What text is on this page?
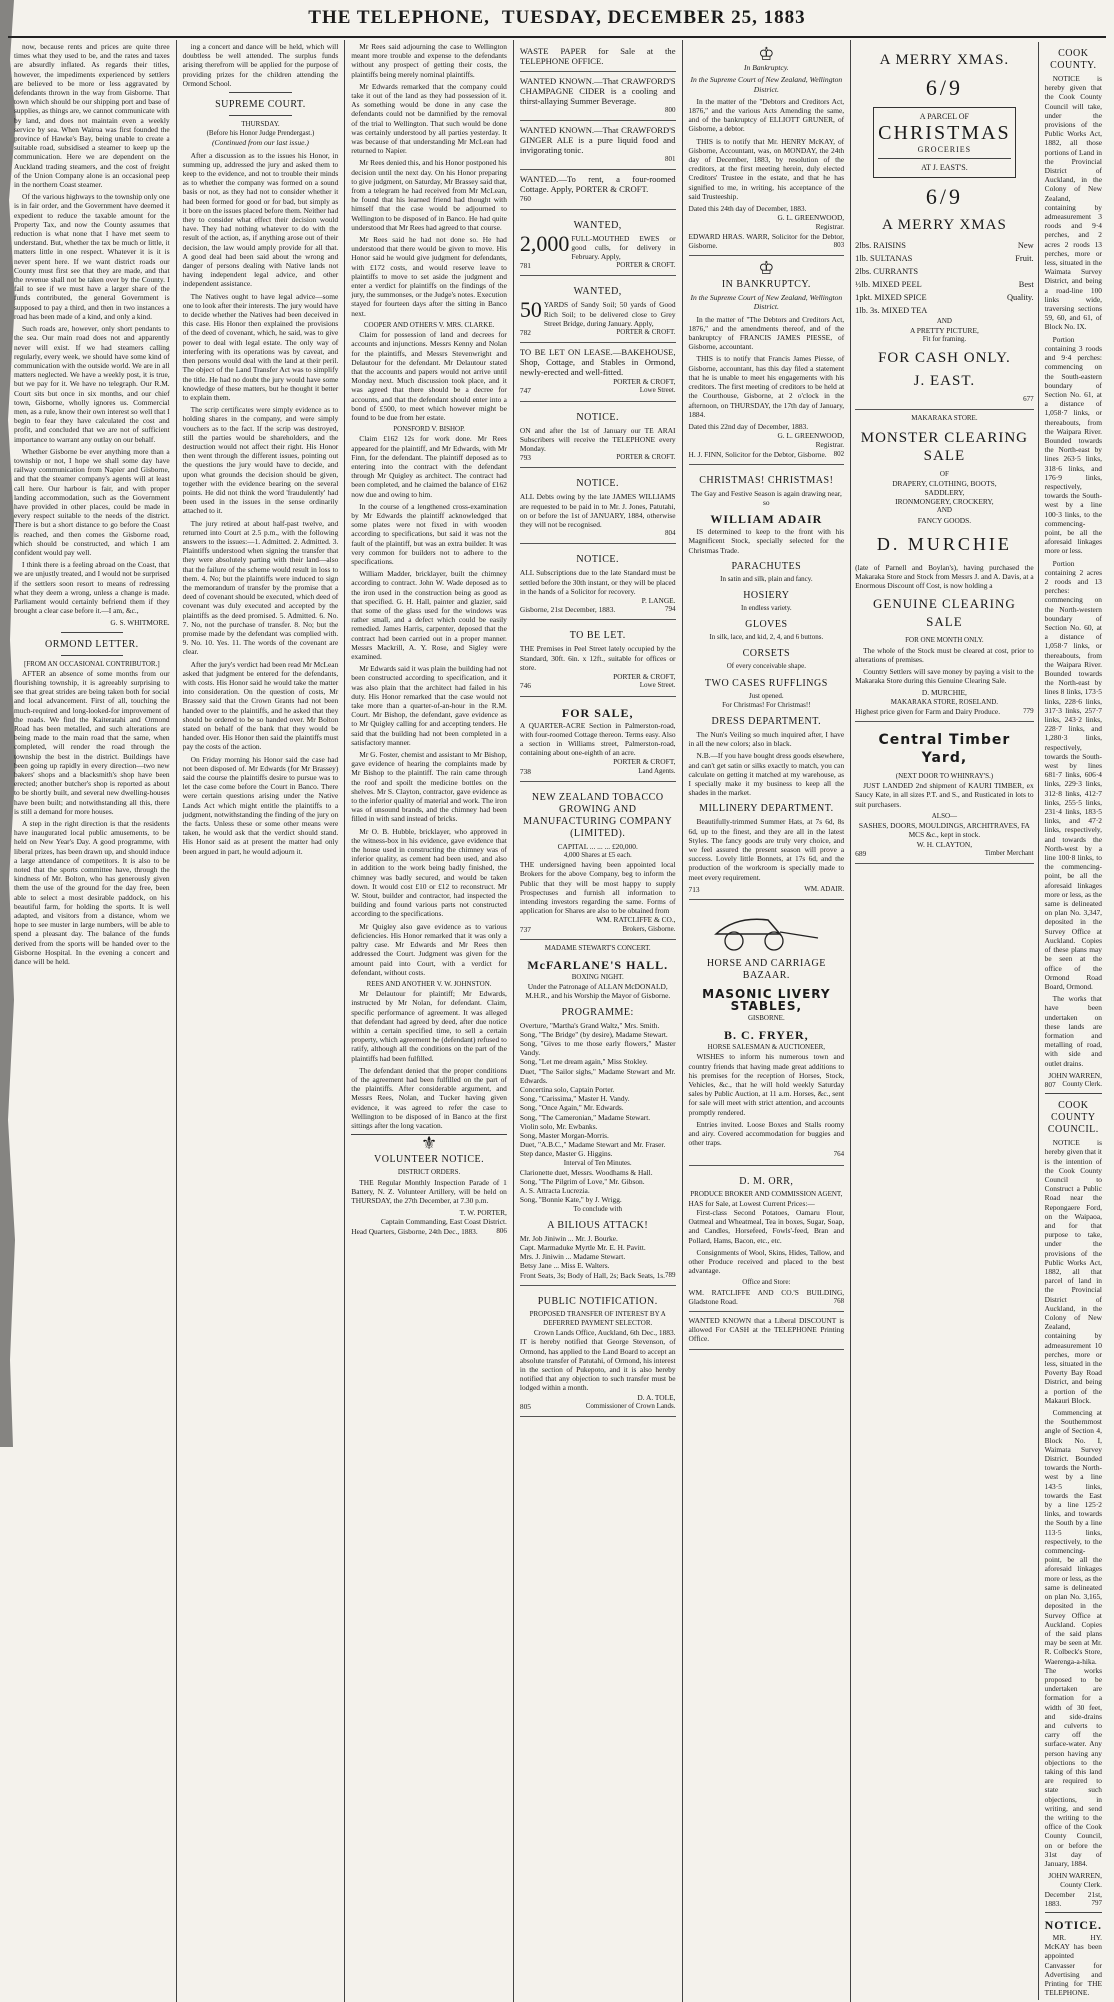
THE TELEPHONE, TUESDAY, DECEMBER 25, 1883

now, because rents and prices are quite three times what they used to be, and the rates and taxes are absurdly inflated. As regards their titles, however, the impediments experienced by settlers are believed to be more or less aggravated by defendants thrown in the way from Gisborne. That town which should be our shipping port and base of supplies, as things are, we cannot communicate with by land, and does not maintain even a weekly service by sea. When Wairoa was first founded the province of Hawke's Bay, being unable to create a suitable road, subsidised a steamer to keep up the communication. Here we are dependent on the Auckland trading steamers, and the cost of freight of the Union Company alone is an occasional peep in the northern Coast steamer.

Of the various highways to the township only one is in fair order, and the Government have deemed it expedient to reduce the taxable amount for the Property Tax, and now the County assumes that reduction is what none that I have met seem to understand. But, whether the tax be much or little, it matters little in one respect. Whatever it is it is never spent here. If we want district roads our County must first see that they are made, and that the revenue shall not be taken over by the County. I fail to see if we must have a larger share of the funds contributed, the general Government is supposed to pay a third, and then in two instances a road has been made of a kind, and only a kind.

Such roads are, however, only short pendants to the sea. Our main road does not and apparently never will exist. If we had steamers calling regularly, every week, we should have some kind of communication with the outside world. We are in all matters neglected. We have a weekly post, it is true, but we pay for it. We have no telegraph. Our R.M. Court sits but once in six months, and our chief town, Gisborne, wholly ignores us. Commercial men, as a rule, know their own interest so well that I begin to fear they have calculated the cost and profit, and concluded that we are not of sufficient importance to warrant any outlay on our behalf.

Whether Gisborne be ever anything more than a township or not, I hope we shall some day have railway communication from Napier and Gisborne, and that the steamer company's agents will at least call here. Our harbour is fair, and with proper landing accommodation, such as the Government have provided in other places, could be made in every respect suitable to the needs of the district. There is but a short distance to go before the Coast is reached, and then comes the Gisborne road, which should be constructed, and which I am confident would pay well.

I think there is a feeling abroad on the Coast, that we are unjustly treated, and I would not be surprised if the settlers soon resort to means of redressing what they deem a wrong, unless a change is made. Parliament would certainly befriend them if they brought a clear case before it.—I am, &c.,

G. S. WHITMORE.
ORMOND LETTER.
[FROM AN OCCASIONAL CONTRIBUTOR.]

AFTER an absence of some months from our flourishing township, it is agreeably surprising to see that great strides are being taken both for social and local advancement. First of all, touching the much-required and long-looked-for improvement of the roads. We find the Kaiteratahi and Ormond Road has been metalled, and such alterations are being made to the main road that the same, when completed, will render the road through the township the best in the district. Buildings have been going up rapidly in every direction—two new bakers' shops and a blacksmith's shop have been erected; another butcher's shop is reported as about to be shortly built, and several new dwelling-houses have been built; and notwithstanding all this, there is still a demand for more houses.

A step in the right direction is that the residents have inaugurated local public amusements, to be held on New Year's Day. A good programme, with liberal prizes, has been drawn up, and should induce a large attendance of competitors. It is also to be noted that the sports committee have, through the kindness of Mr. Bolton, who has generously given them the use of the ground for the day free, been able to select a most desirable paddock, on his beautiful farm, for holding the sports. It is well adapted, and visitors from a distance, whom we hope to see muster in large numbers, will be able to spend a pleasant day. The balance of the funds derived from the sports will be handed over to the Gisborne Hospital. In the evening a concert and dance will be held.

ing a concert and dance will be held, which will doubtless be well attended. The surplus funds arising therefrom will be applied for the purpose of providing prizes for the children attending the Ormond School.

SUPREME COURT.
THURSDAY.
(Before his Honor Judge Prendergast.)
(Continued from our last issue.)

After a discussion as to the issues his Honor, in summing up, addressed the jury and asked them to keep to the evidence, and not to trouble their minds as to whether the company was formed on a sound basis or not, as they had not to consider whether it had been formed for good or for bad, but simply as it bore on the issues placed before them. Neither had they to consider what effect their decision would have. They had nothing whatever to do with the result of the action, as, if anything arose out of their decision, the law would amply provide for all that. A good deal had been said about the wrong and danger of persons dealing with Native lands not having independent legal advice, and other independent assistance.

The Natives ought to have legal advice—some one to look after their interests. The jury would have to decide whether the Natives had been deceived in this case. His Honor then explained the provisions of the deed of covenant, which, he said, was to give power to deal with legal estate. The only way of interfering with its operations was by caveat, and then persons would deal with the land at their peril. The object of the Land Transfer Act was to simplify the title. He had no doubt the jury would have some knowledge of these matters, but he thought it better to explain them.

The scrip certificates were simply evidence as to holding shares in the company, and were simply vouchers as to the fact. If the scrip was destroyed, still the parties would be shareholders, and the destruction would not affect their right. His Honor then went through the different issues, pointing out the questions the jury would have to decide, and upon what grounds the decision should be given, together with the evidence bearing on the several points. He did not think the word 'fraudulently' had been used in the issues in the sense ordinarily attached to it.

The jury retired at about half-past twelve, and returned into Court at 2.5 p.m., with the following answers to the issues:—1. Admitted. 2. Admitted. 3. Plaintiffs understood when signing the transfer that they were absolutely parting with their land—also that the failure of the scheme would result in loss to them. 4. No; but the plaintiffs were induced to sign the memorandum of transfer by the promise that a deed of covenant should be executed, which deed of covenant was duly executed and accepted by the plaintiffs as the deed promised. 5. Admitted. 6. No. 7. No, not the purchase of transfer. 8. No; but the promise made by the defendant was complied with. 9. No. 10. Yes. 11. The words of the covenant are clear.

After the jury's verdict had been read Mr McLean asked that judgment be entered for the defendants, with costs. His Honor said he would take the matter into consideration. On the question of costs, Mr Brassey said that the Crown Grants had not been handed over to the plaintiffs, and he asked that they should be ordered to be so handed over. Mr Bolton stated on behalf of the bank that they would be handed over. His Honor then said the plaintiffs must pay the costs of the action.

On Friday morning his Honor said the case had not been disposed of. Mr Edwards (for Mr Brassey) said the course the plaintiffs desire to pursue was to let the case come before the Court in Banco. There were certain questions arising under the Native Lands Act which might entitle the plaintiffs to a judgment, notwithstanding the finding of the jury on the facts. Unless these or some other means were taken, he would ask that the verdict should stand. His Honor said as at present the matter had only been argued in part, he would adjourn it.

Mr Rees said adjourning the case to Wellington meant more trouble and expense to the defendants without any prospect of getting their costs, the plaintiffs being merely nominal plaintiffs.

Mr Edwards remarked that the company could take it out of the land as they had possession of it. As something would be done in any case the defendants could not be damnified by the removal of the trial to Wellington. That such would be done was certainly understood by all parties yesterday. It was because of that understanding Mr McLean had returned to Napier.

Mr Rees denied this, and his Honor postponed his decision until the next day. On his Honor preparing to give judgment, on Saturday, Mr Brassey said that, from a telegram he had received from Mr McLean, he found that his learned friend had thought with himself that the case would be adjourned to Wellington to be disposed of in Banco. He had quite understood that Mr Rees had agreed to that course.

Mr Rees said he had not done so. He had understood that there would be given to move. His Honor said he would give judgment for defendants, with £172 costs, and would reserve leave to plaintiffs to move to set aside the judgment and enter a verdict for plaintiffs on the findings of the jury, the summonses, or the Judge's notes. Execution stayed for fourteen days after the sitting in Banco next.

COOPER AND OTHERS V. MRS. CLARKE.

Claim for possession of land and decrees for accounts and injunctions. Messrs Kenny and Nolan for the plaintiffs, and Messrs Stevenwright and Delautour for the defendant. Mr Delautour stated that the accounts and papers would not arrive until Monday next. Much discussion took place, and it was agreed that there should be a decree for accounts, and that the defendant should enter into a bond of £500, to meet which however might be found to be due from her estate.

PONSFORD V. BISHOP.

Claim £162 12s for work done. Mr Rees appeared for the plaintiff, and Mr Edwards, with Mr Finn, for the defendant. The plaintiff deposed as to entering into the contract with the defendant through Mr Quigley as architect. The contract had been completed, and he claimed the balance of £162 now due and owing to him.

In the course of a lengthened cross-examination by Mr Edwards the plaintiff acknowledged that some plates were not fixed in with wooden according to specifications, but said it was not the fault of the plaintiff, but was an extra builder. It was very common for builders not to adhere to the specifications.

William Madder, bricklayer, built the chimney according to contract. John W. Wade deposed as to the iron used in the construction being as good as that specified. G. H. Hall, painter and glazier, said that some of the glass used for the windows was rather small, and a defect which could be easily remedied. James Harris, carpenter, deposed that the contract had been carried out in a proper manner. Messrs Mackrill, A. Y. Rose, and Sigley were examined.

Mr Edwards said it was plain the building had not been constructed according to specification, and it was also plain that the architect had failed in his duty. His Honor remarked that the case would not take more than a quarter-of-an-hour in the R.M. Court. Mr Bishop, the defendant, gave evidence as to Mr Quigley calling for and accepting tenders. He said that the building had not been completed in a satisfactory manner.

Mr G. Foster, chemist and assistant to Mr Bishop, gave evidence of hearing the complaints made by Mr Bishop to the plaintiff. The rain came through the roof and spoilt the medicine bottles on the shelves. Mr S. Clayton, contractor, gave evidence as to the inferior quality of material and work. The iron was of unsound brands, and the chimney had been filled in with sand instead of bricks.

Mr O. B. Hubble, bricklayer, who approved in the witness-box in his evidence, gave evidence that the house used in constructing the chimney was of inferior quality, as cement had been used, and also in addition to the work being badly finished, the chimney was badly secured, and would be taken down. It would cost £10 or £12 to reconstruct. Mr W. Stout, builder and contractor, had inspected the building and found various parts not constructed according to the specifications.

Mr Quigley also gave evidence as to various deficiencies. His Honor remarked that it was only a paltry case. Mr Edwards and Mr Rees then addressed the Court. Judgment was given for the amount paid into Court, with a verdict for defendant, without costs.

REES AND ANOTHER V. W. JOHNSTON.

Mr Delautour for plaintiff; Mr Edwards, instructed by Mr Nolan, for defendant. Claim, specific performance of agreement. It was alleged that defendant had agreed by deed, after due notice within a certain specified time, to sell a certain property, which agreement he (defendant) refused to ratify, although all the conditions on the part of the plaintiffs had been fulfilled.

The defendant denied that the proper conditions of the agreement had been fulfilled on the part of the plaintiffs. After considerable argument, and Messrs Rees, Nolan, and Tucker having given evidence, it was agreed to refer the case to Wellington to be disposed of in Banco at the first sittings after the long vacation.

⚜
VOLUNTEER NOTICE.
DISTRICT ORDERS.

THE Regular Monthly Inspection Parade of 1 Battery, N. Z. Volunteer Artillery, will be held on THURSDAY, the 27th December, at 7.30 p.m.

T. W. PORTER,
Captain Commanding, East Coast District.
Head Quarters, Gisborne, 24th Dec., 1883.	806
WASTE PAPER for Sale at the TELEPHONE OFFICE.
WANTED KNOWN.—That CRAWFORD'S CHAMPAGNE CIDER is a cooling and thirst-allaying Summer Beverage.
800

WANTED KNOWN.—That CRAWFORD'S GINGER ALE is a pure liquid food and invigorating tonic.
801

WANTED.—To rent, a four-roomed Cottage. Apply, PORTER & CROFT.
760
WANTED,
2,000 FULL-MOUTHED EWES or good culls, for delivery in February. Apply,
781	PORTER & CROFT.
WANTED,
50 YARDS of Sandy Soil; 50 yards of Good Rich Soil; to be delivered close to Grey Street Bridge, during January. Apply,
782	PORTER & CROFT.
TO BE LET ON LEASE.—BAKEHOUSE, Shop, Cottage, and Stables in Ormond, newly-erected and well-fitted.
PORTER & CROFT,
747	Lowe Street.
NOTICE.
ON and after the 1st of January our TE ARAI Subscribers will receive the TELEPHONE every Monday.
793	PORTER & CROFT.
NOTICE.
ALL Debts owing by the late JAMES WILLIAMS are requested to be paid in to Mr. J. Jones, Patutahi, on or before the 1st of JANUARY, 1884, otherwise they will not be recognised.
804

NOTICE.
ALL Subscriptions due to the late Standard must be settled before the 30th instant, or they will be placed in the hands of a Solicitor for recovery.
P. LANGE.
Gisborne, 21st December, 1883.	794
TO BE LET.
THE Premises in Peel Street lately occupied by the Standard, 30ft. 6in. x 12ft., suitable for offices or store.
PORTER & CROFT,
746	Lowe Street.
FOR SALE,
A QUARTER-ACRE Section in Palmerston-road, with four-roomed Cottage thereon. Terms easy. Also a section in Williams street, Palmerston-road, containing about one-eighth of an acre.
PORTER & CROFT,
738	Land Agents.
NEW ZEALAND TOBACCO GROWING AND MANUFACTURING COMPANY (LIMITED).
CAPITAL ... ... ... £20,000.
4,000 Shares at £5 each.
THE undersigned having been appointed local Brokers for the above Company, beg to inform the Public that they will be most happy to supply Prospectuses and furnish all information to intending investors regarding the same. Forms of application for Shares are also to be obtained from
WM. RATCLIFFE & CO.,
737	Brokers, Gisborne.
MADAME STEWART'S CONCERT.
McFARLANE'S HALL.
BOXING NIGHT.
Under the Patronage of ALLAN McDONALD, M.H.R., and his Worship the Mayor of Gisborne.
PROGRAMME:
Overture, "Martha's Grand Waltz," Mrs. Smith.
Song, "The Bridge" (by desire), Madame Stewart.
Song, "Gives to me those early flowers," Master Vandy.
Song, "Let me dream again," Miss Stokley.
Duet, "The Sailor sighs," Madame Stewart and Mr. Edwards.
Concertina solo, Captain Porter.
Song, "Carissima," Master H. Vandy.
Song, "Once Again," Mr. Edwards.
Song, "The Cameronian," Madame Stewart.
Violin solo, Mr. Ewbanks.
Song, Master Morgan-Morris.
Duet, "A.B.C.," Madame Stewart and Mr. Fraser.
Step dance, Master G. Higgins.
Interval of Ten Minutes.
Clarionette duet, Messrs. Woodhams & Hall.
Song, "The Pilgrim of Love," Mr. Gibson.
A. S. Attracta Lucrezia.
Song, "Bonnie Kate," by J. Wrigg.
To conclude with
A BILIOUS ATTACK!
Mr. Job Jiniwin ... Mr. J. Bourke.
Capt. Marmaduke Myrtle Mr. E. H. Pavitt.
Mrs. J. Jiniwin ... Madame Stewart.
Betsy Jane ... Miss E. Walters.
Front Seats, 3s; Body of Hall, 2s; Back Seats, 1s. 789
PUBLIC NOTIFICATION.
PROPOSED TRANSFER OF INTEREST BY A DEFERRED PAYMENT SELECTOR.
Crown Lands Office, Auckland, 6th Dec., 1883.
IT is hereby notified that George Stevenson, of Ormond, has applied to the Land Board to accept an absolute transfer of Patutahi, of Ormond, his interest in the section of Pukepoto, and it is also hereby notified that any objection to such transfer must be lodged within a month.
D. A. TOLE,
805	Commissioner of Crown Lands.
♔
In Bankruptcy.
In the Supreme Court of New Zealand, Wellington District.

In the matter of the "Debtors and Creditors Act, 1876," and the various Acts Amending the same, and of the bankruptcy of ELLIOTT GRUNER, of Gisborne, a debtor.

THIS is to notify that Mr. HENRY McKAY, of Gisborne, Accountant, was, on MONDAY, the 24th day of December, 1883, by resolution of the creditors, at the first meeting herein, duly elected Creditors' Trustee in the estate, and that he has signified to me, in writing, his acceptance of the said Trusteeship.

Dated this 24th day of December, 1883.
G. L. GREENWOOD,
Registrar.
EDWARD HRAS. WARR, Solicitor for the Debtor, Gisborne.	803
♔
IN BANKRUPTCY.
In the Supreme Court of New Zealand, Wellington District.

In the matter of "The Debtors and Creditors Act, 1876," and the amendments thereof, and of the bankruptcy of FRANCIS JAMES PIESSE, of Gisborne, accountant.

THIS is to notify that Francis James Piesse, of Gisborne, accountant, has this day filed a statement that he is unable to meet his engagements with his creditors. The first meeting of creditors to be held at the Courthouse, Gisborne, at 2 o'clock in the afternoon, on THURSDAY, the 17th day of January, 1884.

Dated this 22nd day of December, 1883.
G. L. GREENWOOD,
Registrar.
H. J. FINN, Solicitor for the Debtor, Gisborne. 802
CHRISTMAS! CHRISTMAS!
The Gay and Festive Season is again drawing near, so
WILLIAM ADAIR

IS determined to keep to the front with his Magnificent Stock, specially selected for the Christmas Trade.

PARACHUTES
In satin and silk, plain and fancy.
HOSIERY
In endless variety.
GLOVES
In silk, lace, and kid, 2, 4, and 6 buttons.
CORSETS
Of every conceivable shape.
TWO CASES RUFFLINGS
Just opened.
For Christmas! For Christmas!!
DRESS DEPARTMENT.

The Nun's Veiling so much inquired after, I have in all the new colors; also in black.

N.B.—If you have bought dress goods elsewhere, and can't get satin or silks exactly to match, you can calculate on getting it matched at my warehouse, as I specially make it my business to keep all the shades in the market.

MILLINERY DEPARTMENT.

Beautifully-trimmed Summer Hats, at 7s 6d, 8s 6d, up to the finest, and they are all in the latest Styles. The fancy goods are truly very choice, and we feel assured the present season will prove a success. Lovely little Bonnets, at 17s 6d, and the production of the workroom is specially made to meet every requirement.

713	WM. ADAIR.
HORSE AND CARRIAGE BAZAAR.
MASONIC LIVERY STABLES,
GISBORNE.
B. C. FRYER,
HORSE SALESMAN & AUCTIONEER,

WISHES to inform his numerous town and country friends that having made great additions to his premises for the reception of Horses, Stock, Vehicles, &c., that he will hold weekly Saturday sales by Public Auction, at 11 a.m. Horses, &c., sent for sale will meet with strict attention, and accounts promptly rendered.

Entries invited. Loose Boxes and Stalls roomy and airy. Covered accommodation for buggies and other traps.

764

D. M. ORR,
PRODUCE BROKER AND COMMISSION AGENT,
HAS for Sale, at Lowest Current Prices:—

First-class Second Potatoes, Oamaru Flour, Oatmeal and Wheatmeal, Tea in boxes, Sugar, Soap, and Candles, Horsefeed, Fowls'-feed, Bran and Pollard, Hams, Bacon, etc., etc.

Consignments of Wool, Skins, Hides, Tallow, and other Produce received and placed to the best advantage.

Office and Store:
WM. RATCLIFFE AND CO.'S BUILDING, Gladstone Road.	768
WANTED KNOWN that a Liberal DISCOUNT is allowed For CASH at the TELEPHONE Printing Office.
A MERRY XMAS.
6/9
A PARCEL OF
CHRISTMAS
GROCERIES
AT J. EAST'S.
6/9
A MERRY XMAS
2lbs. RAISINS	New
1lb. SULTANAS	Fruit.
2lbs. CURRANTS
½lb. MIXED PEEL	Best
1pkt. MIXED SPICE	Quality.
1lb. 3s. MIXED TEA
AND
A PRETTY PICTURE,
Fit for framing.
FOR CASH ONLY.
J. EAST.
677

MAKARAKA STORE.
MONSTER CLEARING SALE
OF
DRAPERY, CLOTHING, BOOTS,
SADDLERY,
IRONMONGERY, CROCKERY,
AND
FANCY GOODS.
D. MURCHIE
(late of Parnell and Boylan's), having purchased the Makaraka Store and Stock from Messrs J. and A. Davis, at a Enormous Discount off Cost, is now holding a
GENUINE CLEARING SALE
FOR ONE MONTH ONLY.

The whole of the Stock must be cleared at cost, prior to alterations of premises.

Country Settlers will save money by paying a visit to the Makaraka Store during this Genuine Clearing Sale.

D. MURCHIE,
MAKARAKA STORE, ROSELAND.
Highest price given for Farm and Dairy Produce.	779
Central Timber Yard,
(NEXT DOOR TO WHINRAY'S.)

JUST LANDED 2nd shipment of KAURI TIMBER, ex Saucy Kate, in all sizes P.T. and S., and Rusticated in lots to suit purchasers.

ALSO—
SASHES, DOORS, MOULDINGS, ARCHITRAVES, FA MCS &c., kept in stock.
W. H. CLAYTON,
689	Timber Merchant
COOK COUNTY.

NOTICE is hereby given that the Cook County Council will take, under the provisions of the Public Works Act, 1882, all those portions of Land in the Provincial District of Auckland, in the Colony of New Zealand, containing by admeasurement 3 roods and 9·4 perches, and 2 acres 2 roods 13 perches, more or less, situated in the Waimata Survey District, and being a road-line 100 links wide, traversing sections 59, 60, and 61, of Block No. IX.

Portion containing 3 roods and 9·4 perches: commencing on the South-eastern boundary of Section No. 61, at a distance of 1,058·7 links, or thereabouts, from the Waipara River. Bounded towards the North-east by lines 263·5 links, 318·6 links, and 176·9 links, respectively, towards the South-west by a line 100·3 links, to the commencing-point, be all the aforesaid linkages more or less.

Portion containing 2 acres 2 roods and 13 perches: commencing on the North-western boundary of Section No. 60, at a distance of 1,058·7 links, or thereabouts, from the Waipara River. Bounded towards the North-east by lines 8 links, 173·5 links, 228·6 links, 317·3 links, 257·7 links, 243·2 links, 228·7 links, and 1,280·3 links, respectively, towards the South-west by lines 681·7 links, 606·4 links, 229·3 links, 312·8 links, 412·7 links, 255·5 links, 231·4 links, 183·5 links, and 47·2 links, respectively, and towards the North-west by a line 100·8 links, to the commencing-point, be all the aforesaid linkages more or less, as the same is delineated on plan No. 3,347, deposited in the Survey Office at Auckland. Copies of these plans may be seen at the office of the Ormond Road Board, Ormond.

The works that have been undertaken on these lands are formation and metalling of road, with side and outlet drains.

JOHN WARREN,
807 County Clerk.
COOK COUNTY COUNCIL.

NOTICE is hereby given that it is the intention of the Cook County Council to Construct a Public Road near the Repongaere Ford, on the Waipaoa, and for that purpose to take, under the provisions of the Public Works Act, 1882, all that parcel of land in the Provincial District of Auckland, in the Colony of New Zealand, containing by admeasurement 10 perches, more or less, situated in the Poverty Bay Road District, and being a portion of the Makauri Block.

Commencing at the Southernmost angle of Section 4, Block No. I, Waimata Survey District. Bounded towards the North-west by a line 143·5 links, towards the East by a line 125·2 links, and towards the South by a line 113·5 links, respectively, to the commencing-point, be all the aforesaid linkages more or less, as the same is delineated on plan No. 3,165, deposited in the Survey Office at Auckland. Copies of the said plans may be seen at Mr. R. Colbeck's Store, Waerenga-a-hika. The works proposed to be undertaken are formation for a width of 30 feet, and side-drains and culverts to carry off the surface-water. Any person having any objections to the taking of this land are required to state such objections, in writing, and send the writing to the office of the Cook County Council, on or before the 31st day of January, 1884.

JOHN WARREN,
County Clerk.
December 21st, 1883.	797
NOTICE.

MR. HY. McKAY has been appointed Canvasser for Advertising and Printing for THE TELEPHONE.
